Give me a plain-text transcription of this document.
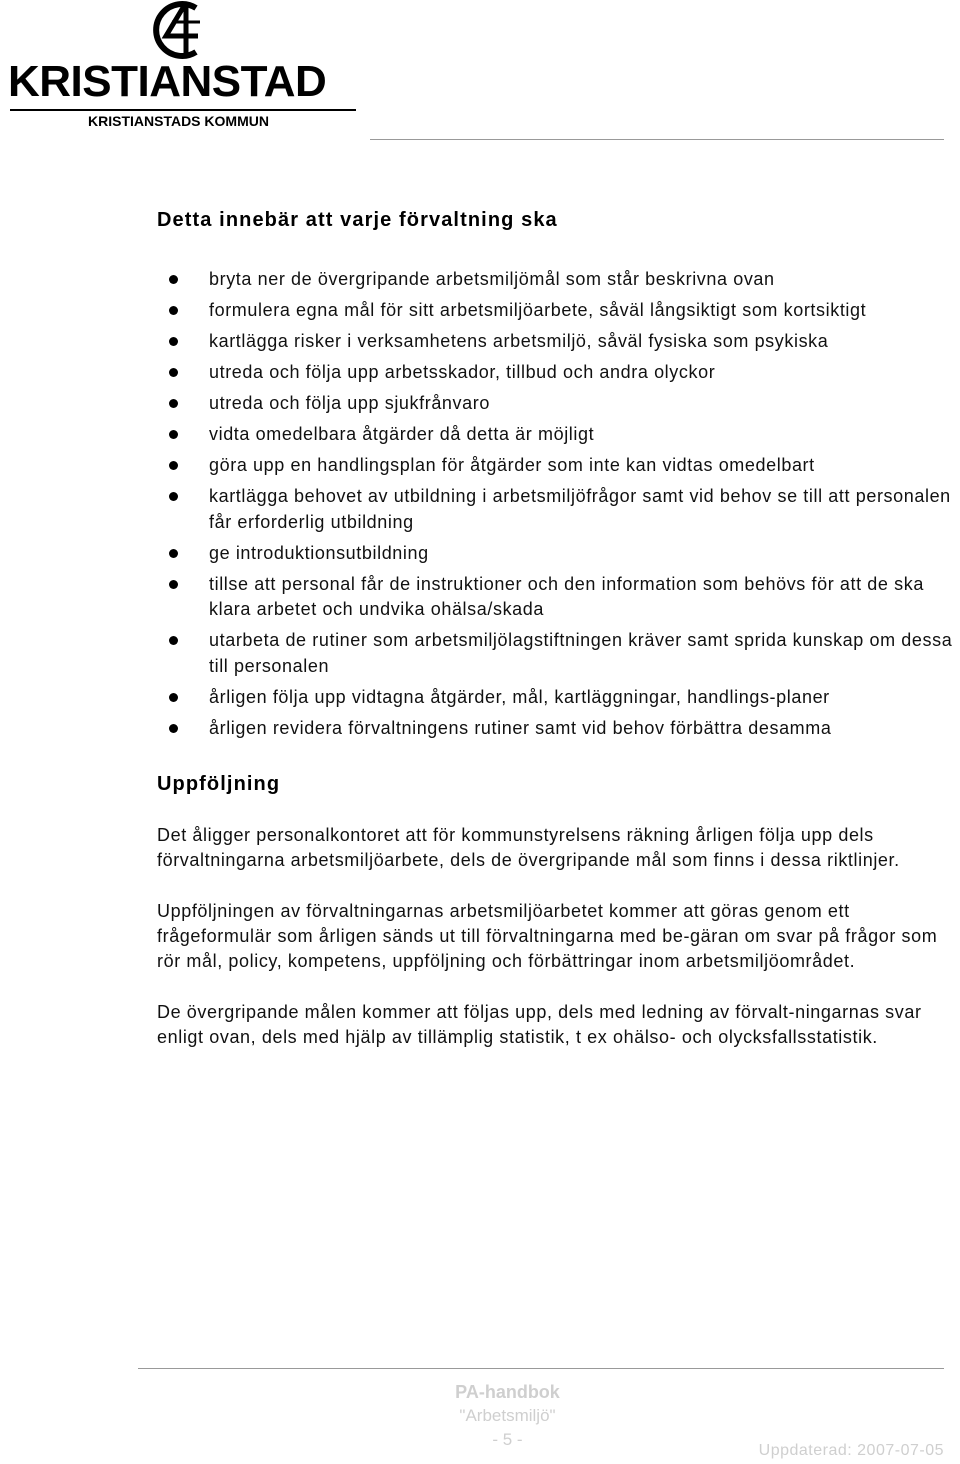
KRISTIANSTAD
KRISTIANSTADS KOMMUN
Detta innebär att varje förvaltning ska
bryta ner de övergripande arbetsmiljömål som står beskrivna ovan
formulera egna mål för sitt arbetsmiljöarbete, såväl långsiktigt som kortsiktigt
kartlägga risker i verksamhetens arbetsmiljö, såväl fysiska som psykiska
utreda och följa upp arbetsskador, tillbud och andra olyckor
utreda och följa upp sjukfrånvaro
vidta omedelbara åtgärder då detta är möjligt
göra upp en handlingsplan för åtgärder som inte kan vidtas omedelbart
kartlägga behovet av utbildning i arbetsmiljöfrågor samt vid behov se till att personalen får erforderlig utbildning
ge introduktionsutbildning
tillse att personal får de instruktioner och den information som behövs för att de ska klara arbetet och undvika ohälsa/skada
utarbeta de rutiner som arbetsmiljölagstiftningen kräver samt sprida kunskap om dessa till personalen
årligen följa upp vidtagna åtgärder, mål, kartläggningar, handlings-planer
årligen revidera förvaltningens rutiner samt vid behov förbättra desamma
Uppföljning

Det åligger personalkontoret att för kommunstyrelsens räkning årligen följa upp dels förvaltningarna arbetsmiljöarbete, dels de övergripande mål som finns i dessa riktlinjer.

Uppföljningen av förvaltningarnas arbetsmiljöarbetet kommer att göras genom ett frågeformulär som årligen sänds ut till förvaltningarna med be-gäran om svar på frågor som rör mål, policy, kompetens, uppföljning och förbättringar inom arbetsmiljöområdet.

De övergripande målen kommer att följas upp, dels med ledning av förvalt-ningarnas svar enligt ovan, dels med hjälp av tillämplig statistik, t ex ohälso- och olycksfallsstatistik.

PA-handbok
"Arbetsmiljö"
- 5 -
Uppdaterad: 2007-07-05
